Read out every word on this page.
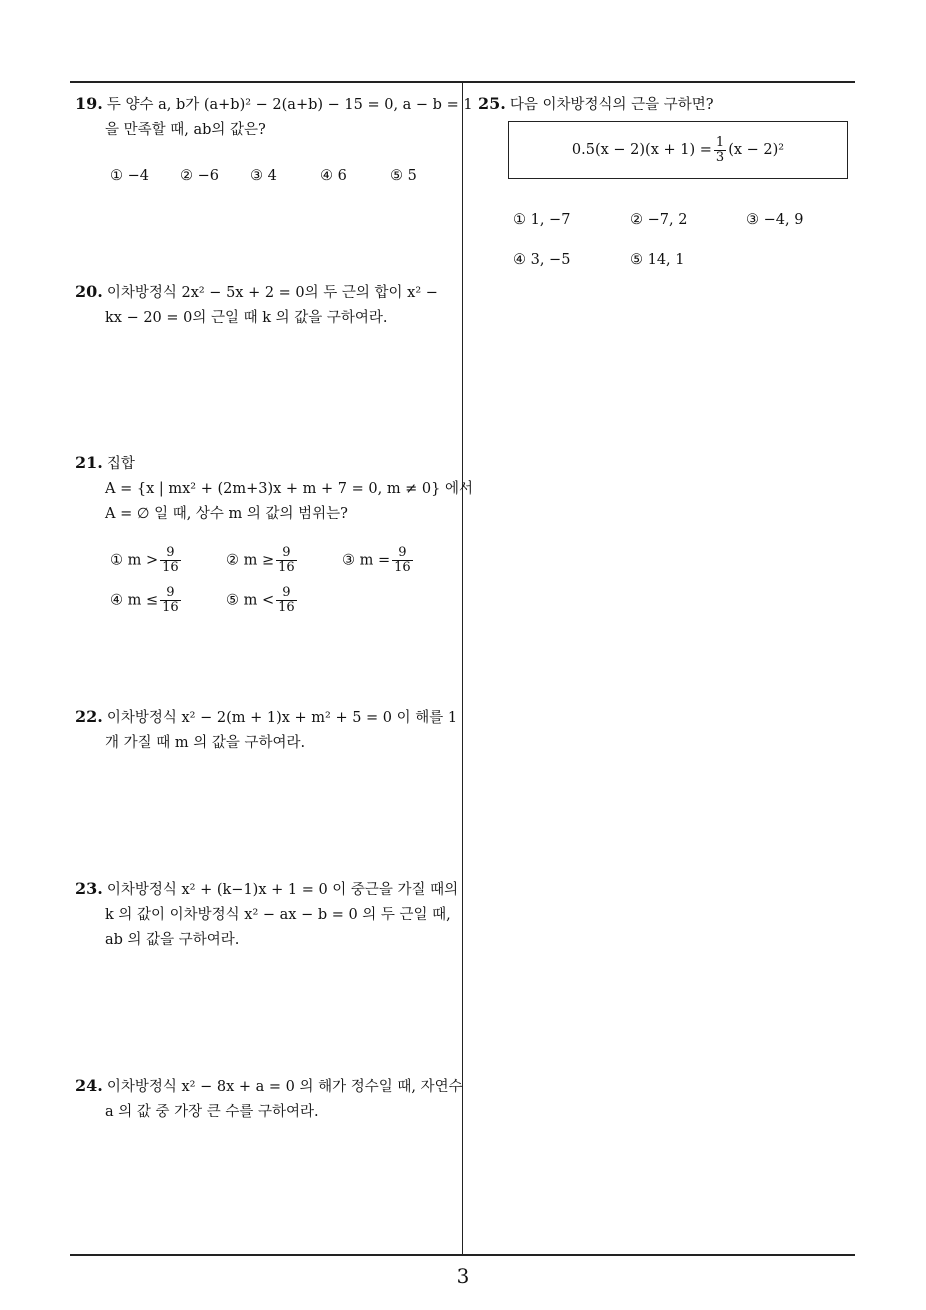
19. 두 양수 a, b가 (a+b)² − 2(a+b) − 15 = 0, a − b = 1
을 만족할 때, ab의 값은?
① −4 ② −6 ③ 4	④ 6	⑤ 5
20. 이차방정식 2x² − 5x + 2 = 0의 두 근의 합이 x² −
kx − 20 = 0의 근일 때 k 의 값을 구하여라.
21. 집합
A = {x | mx² + (2m+3)x + m + 7 = 0, m ≠ 0} 에서
A = ∅ 일 때, 상수 m 의 값의 범위는?
① $m > \frac{9}{16}$	② $m \ge \frac{9}{16}$	③ $m = \frac{9}{16}$
④ $m \le \frac{9}{16}$	⑤ $m < \frac{9}{16}$
22. 이차방정식 x² − 2(m + 1)x + m² + 5 = 0 이 해를 1
개 가질 때 m 의 값을 구하여라.
23. 이차방정식 x² + (k−1)x + 1 = 0 이 중근을 가질 때의
k 의 값이 이차방정식 x² − ax − b = 0 의 두 근일 때,
ab 의 값을 구하여라.
24. 이차방정식 x² − 8x + a = 0 의 해가 정수일 때, 자연수
a 의 값 중 가장 큰 수를 구하여라.
25. 다음 이차방정식의 근을 구하면?
$0.5(x - 2)(x + 1) = \frac{1}{3} (x - 2)^2$
① 1, −7	② −7, 2	③ −4, 9
④ 3, −5	⑤ 14, 1
3
